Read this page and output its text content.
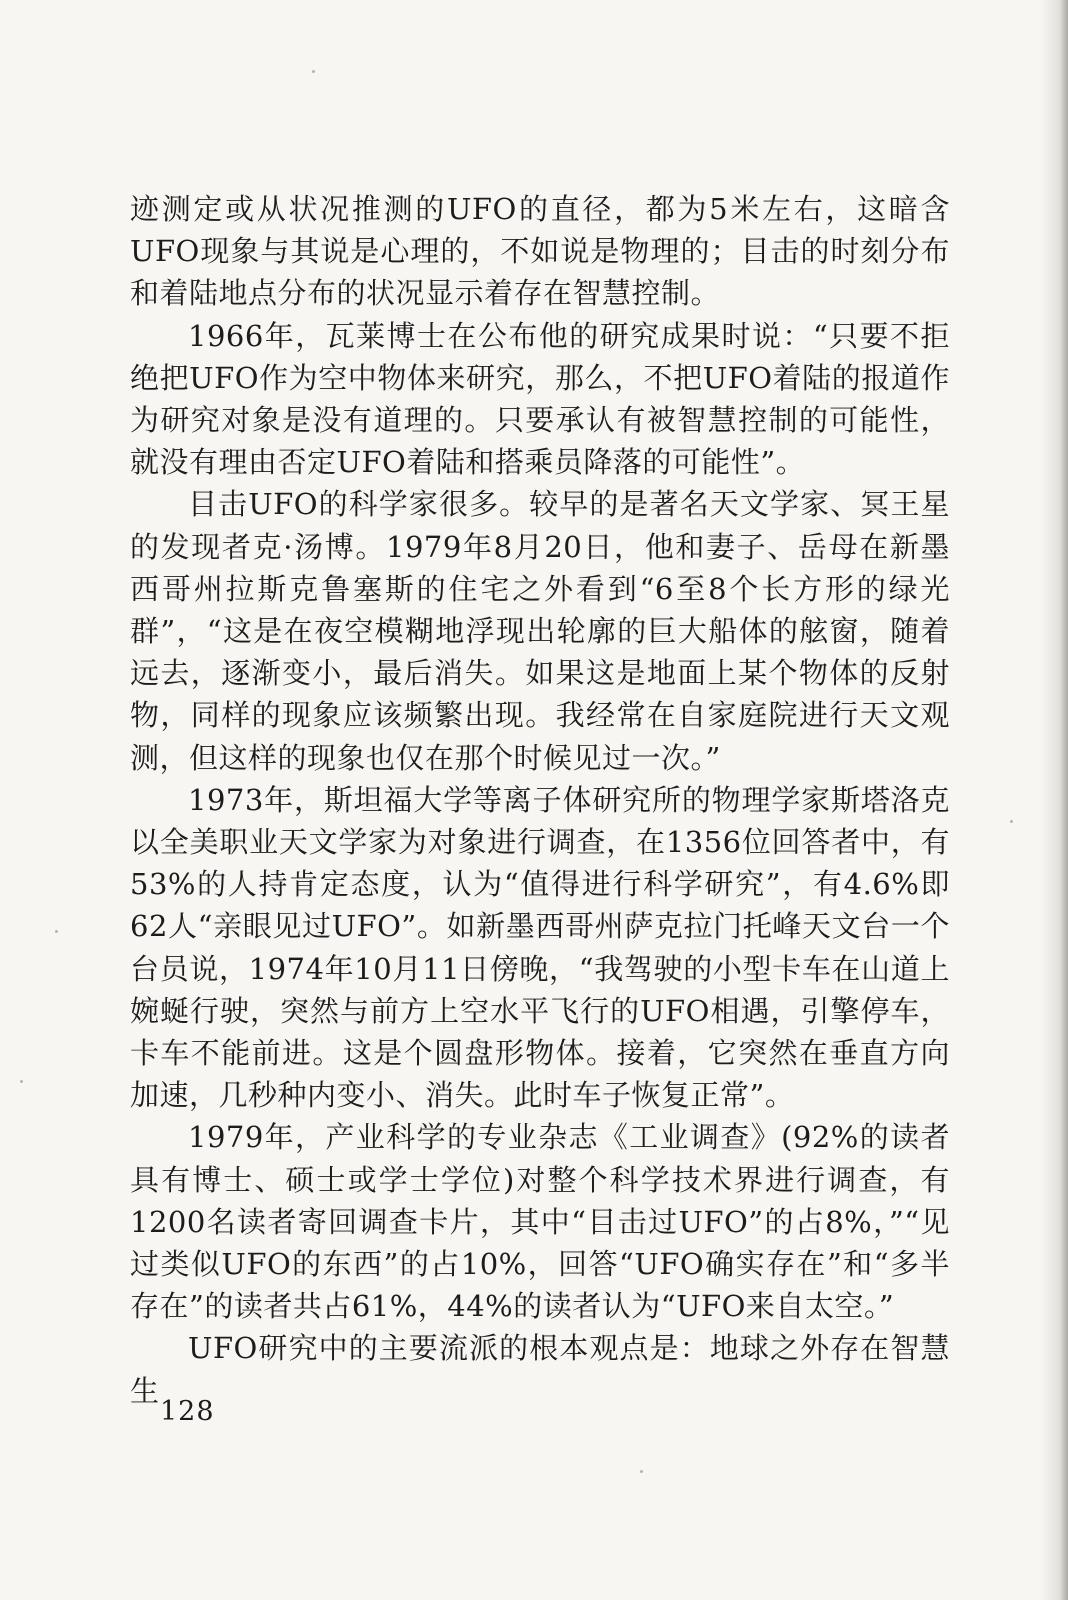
迹测定或从状况推测的UFO的直径，都为5米左右，这暗含UFO现象与其说是心理的，不如说是物理的；目击的时刻分布和着陆地点分布的状况显示着存在智慧控制。

1966年，瓦莱博士在公布他的研究成果时说：“只要不拒绝把UFO作为空中物体来研究，那么，不把UFO着陆的报道作为研究对象是没有道理的。只要承认有被智慧控制的可能性，就没有理由否定UFO着陆和搭乘员降落的可能性”。

目击UFO的科学家很多。较早的是著名天文学家、冥王星的发现者克·汤博。1979年8月20日，他和妻子、岳母在新墨西哥州拉斯克鲁塞斯的住宅之外看到“6至8个长方形的绿光群”，“这是在夜空模糊地浮现出轮廓的巨大船体的舷窗，随着远去，逐渐变小，最后消失。如果这是地面上某个物体的反射物，同样的现象应该频繁出现。我经常在自家庭院进行天文观测，但这样的现象也仅在那个时候见过一次。”

1973年，斯坦福大学等离子体研究所的物理学家斯塔洛克以全美职业天文学家为对象进行调查，在1356位回答者中，有53%的人持肯定态度，认为“值得进行科学研究”，有4.6%即62人“亲眼见过UFO”。如新墨西哥州萨克拉门托峰天文台一个台员说，1974年10月11日傍晚，“我驾驶的小型卡车在山道上婉蜒行驶，突然与前方上空水平飞行的UFO相遇，引擎停车，卡车不能前进。这是个圆盘形物体。接着，它突然在垂直方向加速，几秒种内变小、消失。此时车子恢复正常”。

1979年，产业科学的专业杂志《工业调查》(92%的读者具有博士、硕士或学士学位)对整个科学技术界进行调查，有1200名读者寄回调查卡片，其中“目击过UFO”的占8%，”“见过类似UFO的东西”的占10%，回答“UFO确实存在”和“多半存在”的读者共占61%，44%的读者认为“UFO来自太空。”

UFO研究中的主要流派的根本观点是：地球之外存在智慧生

128
